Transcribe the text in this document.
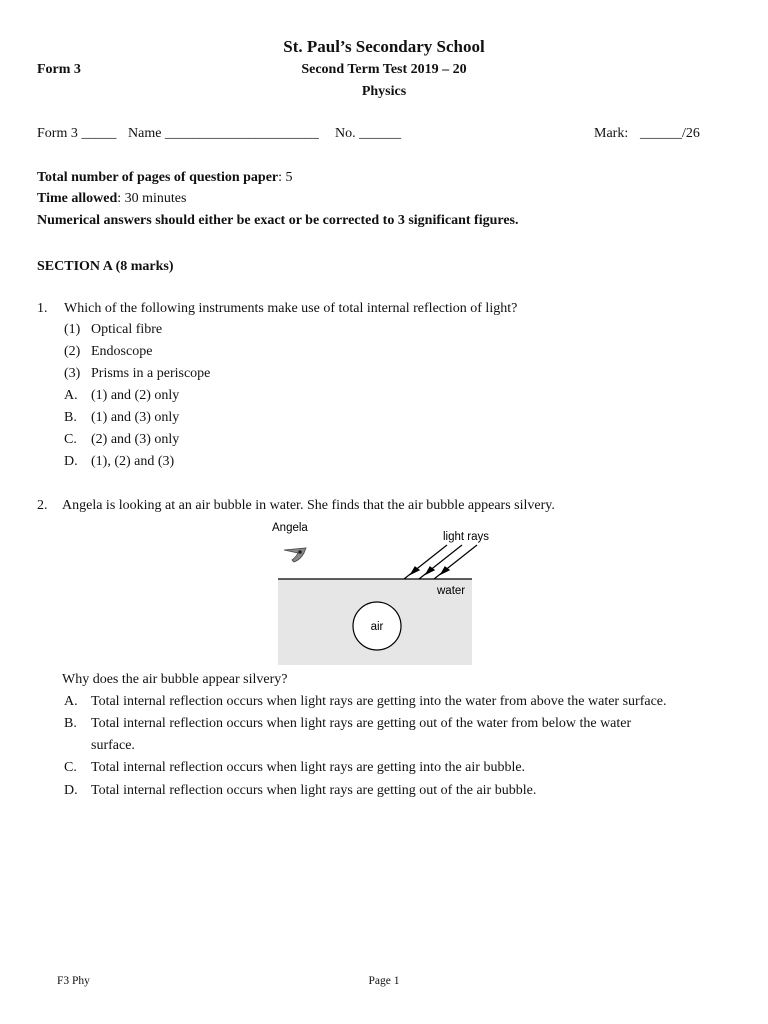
St. Paul’s Secondary School
Form 3	Second Term Test 2019 – 20
Physics
Form 3 _____ Name ______________________ No. ______	Mark: ______/26
Total number of pages of question paper: 5
Time allowed: 30 minutes
Numerical answers should either be exact or be corrected to 3 significant figures.
SECTION A (8 marks)
1. Which of the following instruments make use of total internal reflection of light?
(1) Optical fibre
(2) Endoscope
(3) Prisms in a periscope
A. (1) and (2) only
B. (1) and (3) only
C. (2) and (3) only
D. (1), (2) and (3)
2. Angela is looking at an air bubble in water. She finds that the air bubble appears silvery.
air
water
Angela
light rays
Why does the air bubble appear silvery?
A. Total internal reflection occurs when light rays are getting into the water from above the water surface.
B. Total internal reflection occurs when light rays are getting out of the water from below the water
surface.
C. Total internal reflection occurs when light rays are getting into the air bubble.
D. Total internal reflection occurs when light rays are getting out of the air bubble.
F3 Phy	Page 1
